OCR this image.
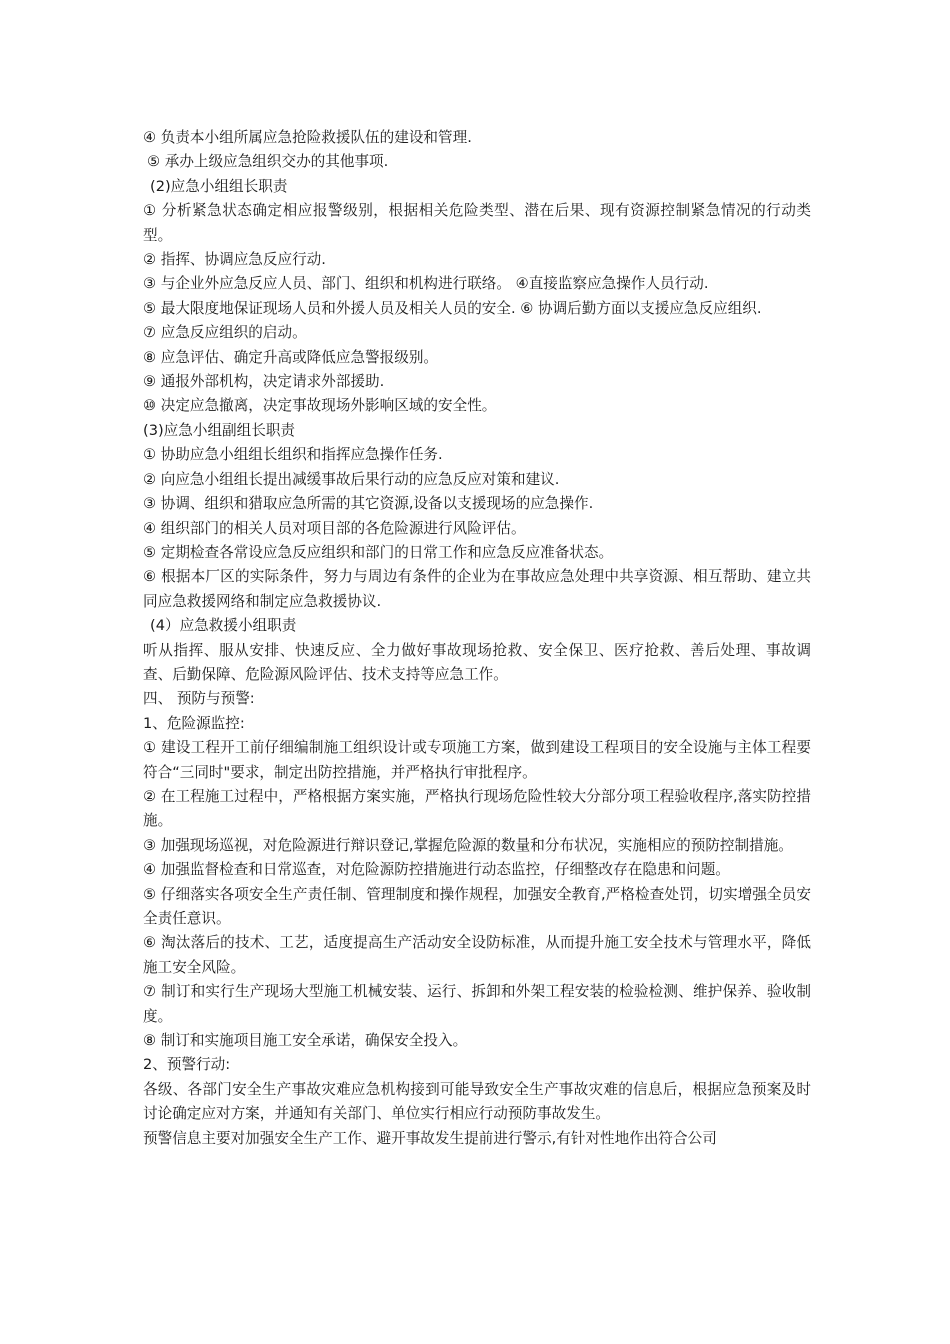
④ 负责本小组所属应急抢险救援队伍的建设和管理.

⑤ 承办上级应急组织交办的其他事项.

(2)应急小组组长职责

① 分析紧急状态确定相应报警级别，根据相关危险类型、潜在后果、现有资源控制紧急情况的行动类型。

② 指挥、协调应急反应行动.

③ 与企业外应急反应人员、部门、组织和机构进行联络。 ④直接监察应急操作人员行动.

⑤ 最大限度地保证现场人员和外援人员及相关人员的安全. ⑥ 协调后勤方面以支援应急反应组织.

⑦ 应急反应组织的启动。

⑧ 应急评估、确定升高或降低应急警报级别。

⑨ 通报外部机构，决定请求外部援助.

⑩ 决定应急撤离，决定事故现场外影响区域的安全性。

(3)应急小组副组长职责

① 协助应急小组组长组织和指挥应急操作任务.

② 向应急小组组长提出减缓事故后果行动的应急反应对策和建议.

③ 协调、组织和猎取应急所需的其它资源,设备以支援现场的应急操作.

④ 组织部门的相关人员对项目部的各危险源进行风险评估。

⑤ 定期检查各常设应急反应组织和部门的日常工作和应急反应准备状态。

⑥ 根据本厂区的实际条件，努力与周边有条件的企业为在事故应急处理中共享资源、相互帮助、建立共同应急救援网络和制定应急救援协议.

(4）应急救援小组职责

听从指挥、服从安排、快速反应、全力做好事故现场抢救、安全保卫、医疗抢救、善后处理、事故调查、后勤保障、危险源风险评估、技术支持等应急工作。

四、 预防与预警:

1、危险源监控:

① 建设工程开工前仔细编制施工组织设计或专项施工方案，做到建设工程项目的安全设施与主体工程要符合“三同时"要求，制定出防控措施，并严格执行审批程序。

② 在工程施工过程中，严格根据方案实施，严格执行现场危险性较大分部分项工程验收程序,落实防控措施。

③ 加强现场巡视，对危险源进行辩识登记,掌握危险源的数量和分布状况，实施相应的预防控制措施。

④ 加强监督检查和日常巡查，对危险源防控措施进行动态监控，仔细整改存在隐患和问题。

⑤ 仔细落实各项安全生产责任制、管理制度和操作规程，加强安全教育,严格检查处罚，切实增强全员安全责任意识。

⑥ 淘汰落后的技术、工艺，适度提高生产活动安全设防标准，从而提升施工安全技术与管理水平，降低施工安全风险。

⑦ 制订和实行生产现场大型施工机械安装、运行、拆卸和外架工程安装的检验检测、维护保养、验收制度。

⑧ 制订和实施项目施工安全承诺，确保安全投入。

2、预警行动:

各级、各部门安全生产事故灾难应急机构接到可能导致安全生产事故灾难的信息后，根据应急预案及时讨论确定应对方案，并通知有关部门、单位实行相应行动预防事故发生。

预警信息主要对加强安全生产工作、避开事故发生提前进行警示,有针对性地作出符合公司
